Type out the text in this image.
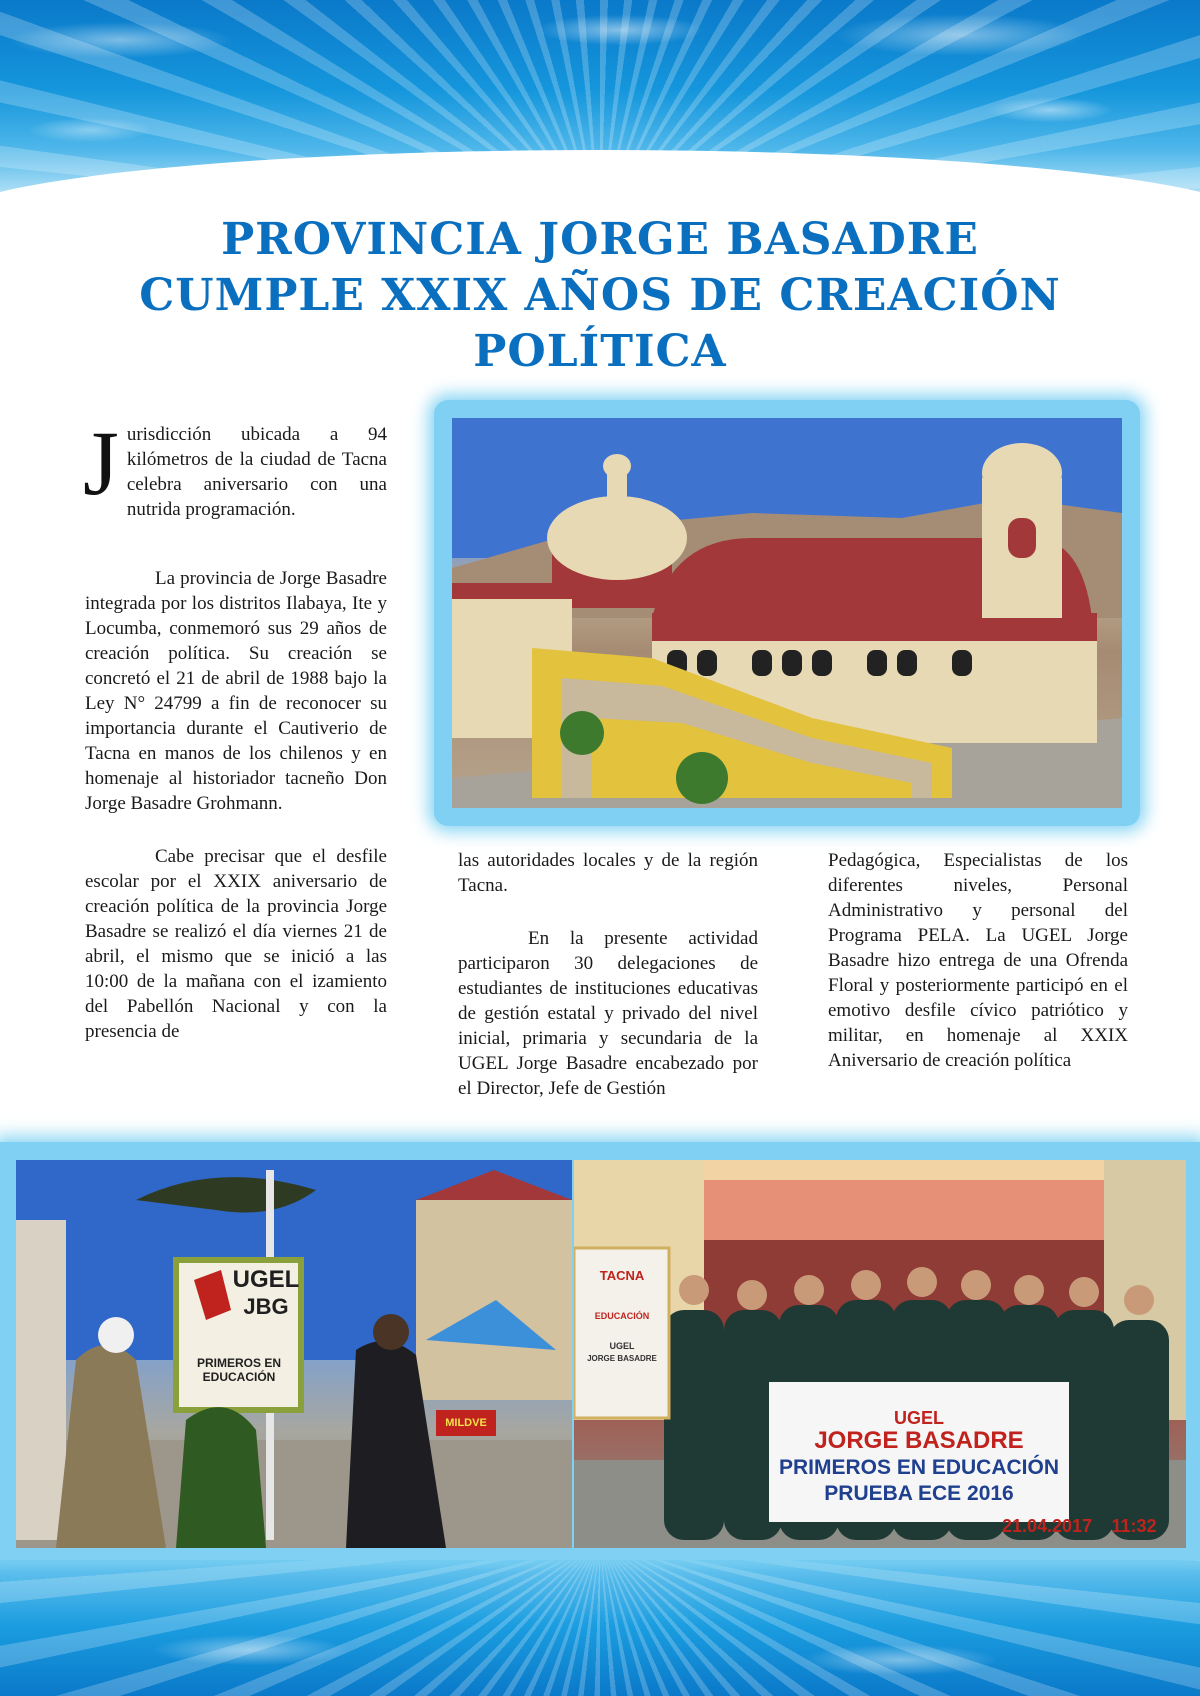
PROVINCIA JORGE BASADRE
CUMPLE XXIX AÑOS DE CREACIÓN
POLÍTICA

Jurisdicción ubicada a 94 kilómetros de la ciudad de Tacna celebra aniversario con una nutrida programación.

La provincia de Jorge Basadre integrada por los distritos Ilabaya, Ite y Locumba, conmemoró sus 29 años de creación política. Su creación se concretó el 21 de abril de 1988 bajo la Ley N° 24799 a fin de reconocer su importancia durante el Cautiverio de Tacna en manos de los chilenos y en homenaje al historiador tacneño Don Jorge Basadre Grohmann.

Cabe precisar que el desfile escolar por el XXIX aniversario de creación política de la provincia Jorge Basadre se realizó el día viernes 21 de abril, el mismo que se inició a las 10:00 de la mañana con el izamiento del Pabellón Nacional y con la presencia de

las autoridades locales y de la región Tacna.

En la presente actividad participaron 30 delegaciones de estudiantes de instituciones educativas de gestión estatal y privado del nivel inicial, primaria y secundaria de la UGEL Jorge Basadre encabezado por el Director, Jefe de Gestión

Pedagógica, Especialistas de los diferentes niveles, Personal Administrativo y personal del Programa PELA. La UGEL Jorge Basadre hizo entrega de una Ofrenda Floral y posteriormente participó en el emotivo desfile cívico patriótico y militar, en homenaje al XXIX Aniversario de creación política

UGEL
JBG
PRIMEROS EN EDUCACIÓN
MILDVE
TACNA
EDUCACIÓN
UGEL
JORGE BASADRE
UGEL
JORGE BASADRE
PRIMEROS EN EDUCACIÓN
PRUEBA ECE 2016
21.04.2017	11:32
